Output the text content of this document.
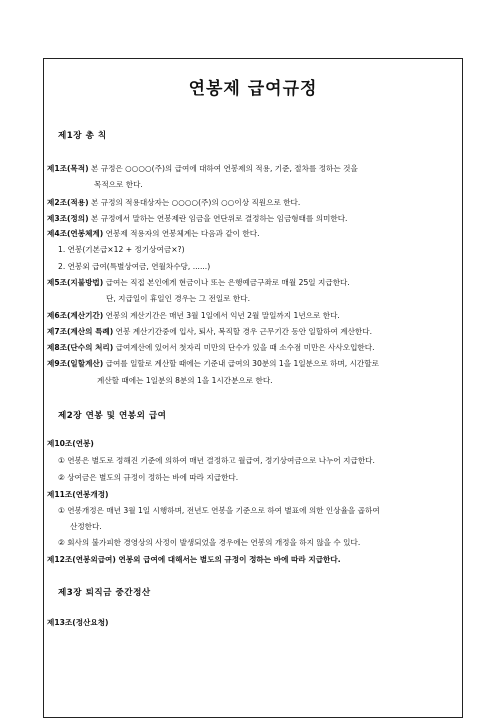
연봉제 급여규정
제1장 총 칙
제1조(목적) 본 규정은 ○○○○(주)의 급여에 대하여 연봉제의 적용, 기준, 절차를 정하는 것을
목적으로 한다.
제2조(적용) 본 규정의 적용대상자는 ○○○○(주)의 ○○이상 직원으로 한다.
제3조(정의) 본 규정에서 말하는 연봉제란 임금을 연단위로 결정하는 임금형태를 의미한다.
제4조(연봉체계) 연봉제 적용자의 연봉체계는 다음과 같이 한다.
1. 연봉(기본급×12 + 정기상여금×?)
2. 연봉외 급여(특별상여금, 연월차수당, ......)
제5조(지불방법) 급여는 직접 본인에게 현금이나 또는 은행예금구좌로 매월 25일 지급한다.
단, 지급일이 휴일인 경우는 그 전일로 한다.
제6조(계산기간) 연봉의 계산기간은 매년 3월 1일에서 익년 2월 말일까지 1년으로 한다.
제7조(계산의 특례) 연봉 계산기간중에 입사, 퇴사, 복직할 경우 근무기간 동안 일할하여 계산한다.
제8조(단수의 처리) 급여계산에 있어서 첫자리 미만의 단수가 있을 때 소수점 미만은 사사오입한다.
제9조(일할계산) 급여를 일할로 계산할 때에는 기준내 급여의 30분의 1을 1일분으로 하며, 시간할로
계산할 때에는 1일분의 8분의 1을 1시간분으로 한다.
제2장 연봉 및 연봉외 급여
제10조(연봉)
① 연봉은 별도로 정해진 기준에 의하여 매년 결정하고 월급여, 정기상여금으로 나누어 지급한다.
② 상여금은 별도의 규정이 정하는 바에 따라 지급한다.
제11조(연봉개정)
① 연봉개정은 매년 3월 1일 시행하며, 전년도 연봉을 기준으로 하여 별표에 의한 인상율을 곱하여
산정한다.
② 회사의 불가피한 경영상의 사정이 발생되었을 경우에는 연봉의 개정을 하지 않을 수 있다.
제12조(연봉외급여) 연봉외 급여에 대해서는 별도의 규정이 정하는 바에 따라 지급한다.
제3장 퇴직금 중간정산
제13조(정산요청)
